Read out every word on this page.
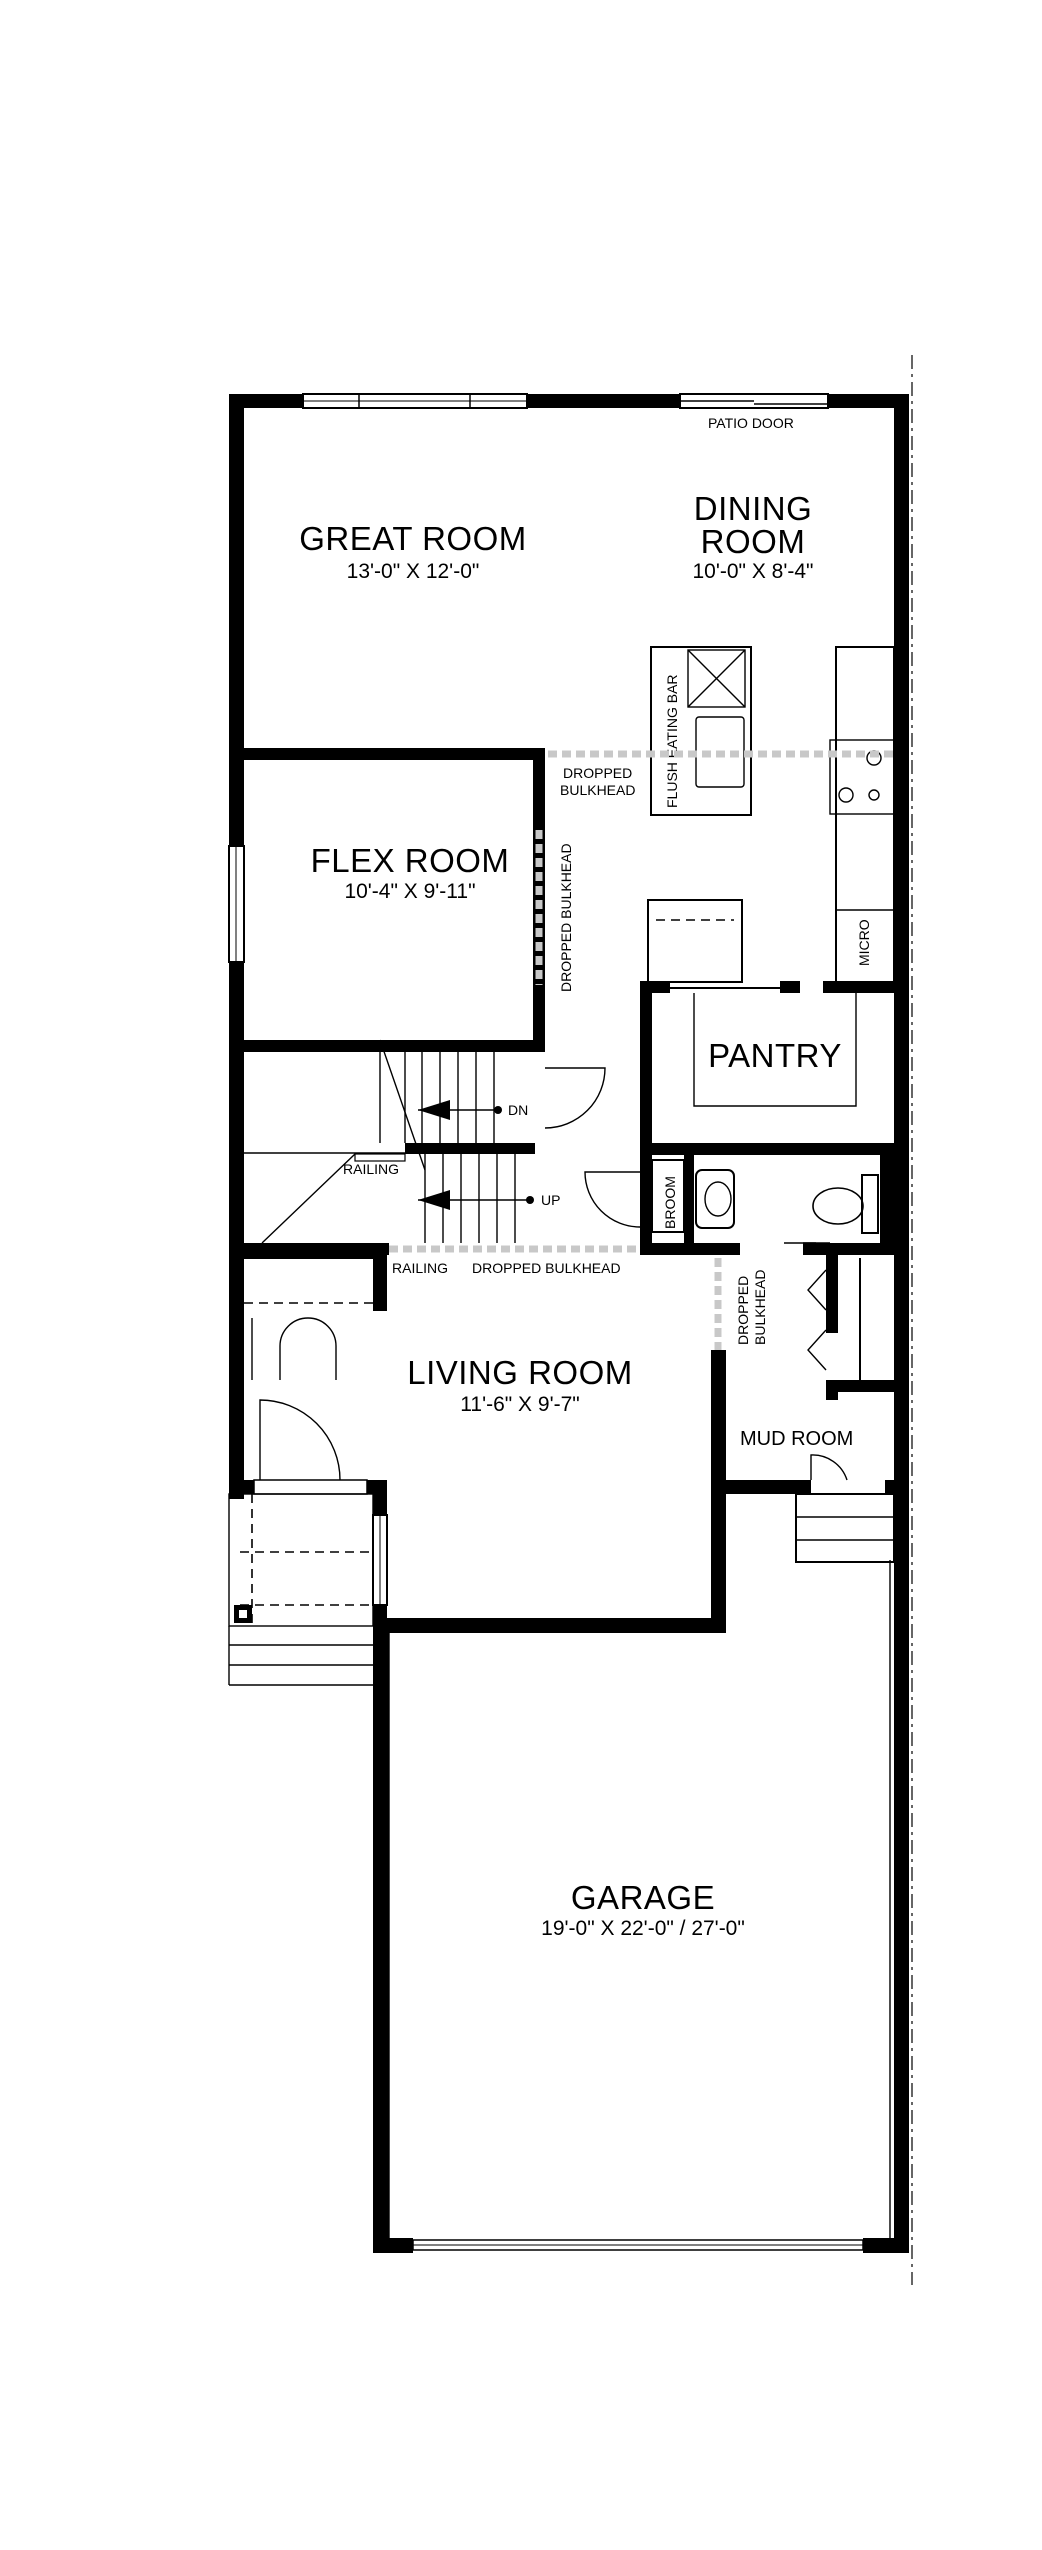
PATIO DOOR
MICRO
FLUSH EATING BAR
DROPPED
BULKHEAD
DROPPED BULKHEAD
DN
UP
RAILING
BROOM
RAILING DROPPED BULKHEAD
DROPPED BULKHEAD
GREAT ROOM
13'-0" X 12'-0"
DINING
ROOM
10'-0" X 8'-4"
FLEX ROOM
10'-4" X 9'-11"
PANTRY
LIVING ROOM
11'-6" X 9'-7"
MUD ROOM
GARAGE
19'-0" X 22'-0" / 27'-0"
